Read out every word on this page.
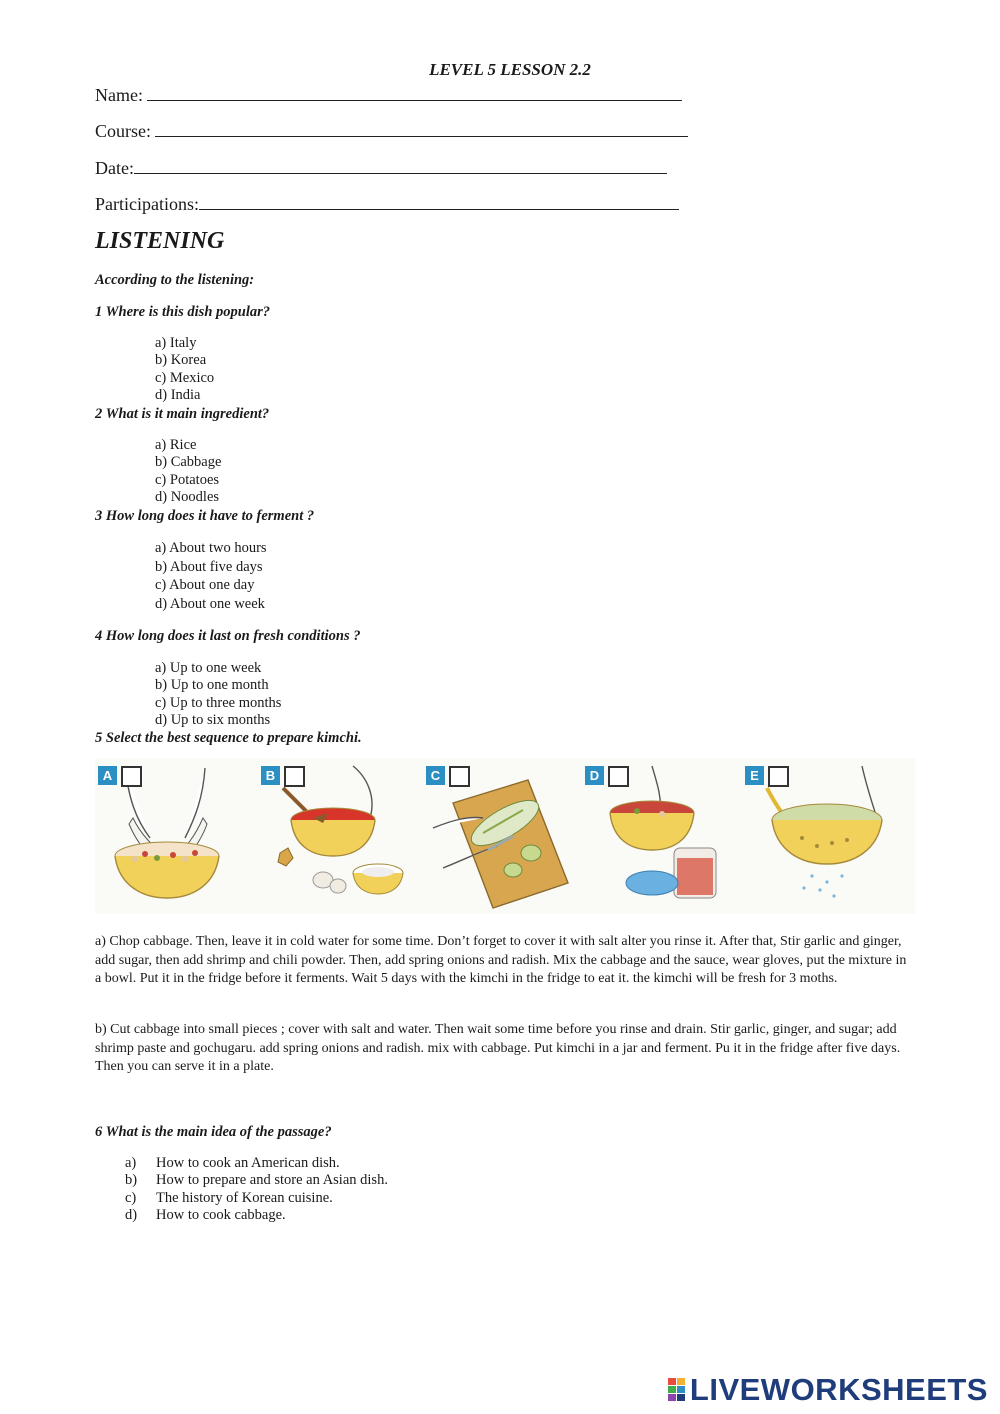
LEVEL 5 LESSON 2.2
Name:
Course:
Date:
Participations:
LISTENING
According to the listening:
1 Where is this dish popular?
a) Italy
b) Korea
c) Mexico
d) India
2 What is it main ingredient?
a) Rice
b) Cabbage
c) Potatoes
d) Noodles
3 How long does it have to ferment ?
a) About two hours
b) About five days
c) About one day
d) About one week
4 How long does it last on fresh conditions ?
a) Up to one week
b) Up to one month
c) Up to three months
d) Up to six months
5 Select the best sequence to prepare kimchi.
A	B	C	D	E

a) Chop cabbage. Then, leave it in cold water for some time. Don’t forget to cover it with salt alter you rinse it. After that, Stir garlic and ginger, add sugar, then add shrimp and chili powder. Then, add spring onions and radish. Mix the cabbage and the sauce, wear gloves, put the mixture in a bowl. Put it in the fridge before it ferments. Wait 5 days with the kimchi in the fridge to eat it. the kimchi will be fresh for 3 moths.

b) Cut cabbage into small pieces ; cover with salt and water. Then wait some time before you rinse and drain. Stir garlic, ginger, and sugar; add shrimp paste and gochugaru. add spring onions and radish. mix with cabbage. Put kimchi in a jar and ferment. Pu it in the fridge after five days. Then you can serve it in a plate.

6 What is the main idea of the passage?
a) How to cook an American dish.
b) How to prepare and store an Asian dish.
c) The history of Korean cuisine.
d) How to cook cabbage.
LIVEWORKSHEETS
